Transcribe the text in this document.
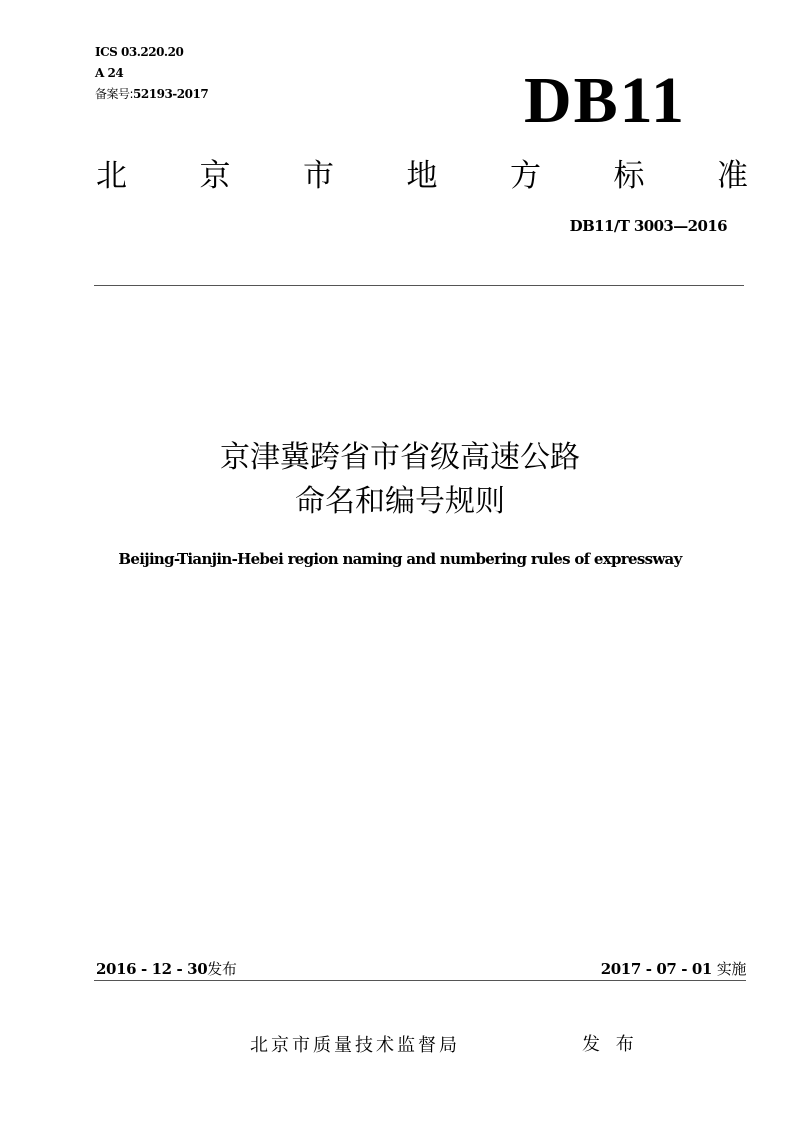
ICS 03.220.20
A 24
备案号:52193-2017	DB11
北 京 市 地 方 标 准
DB11/T 3003—2016
京津冀跨省市省级高速公路
命名和编号规则
Beijing-Tianjin-Hebei region naming and numbering rules of expressway
2016 - 12 - 30发布	2017 - 07 - 01 实施
北京市质量技术监督局	发 布
